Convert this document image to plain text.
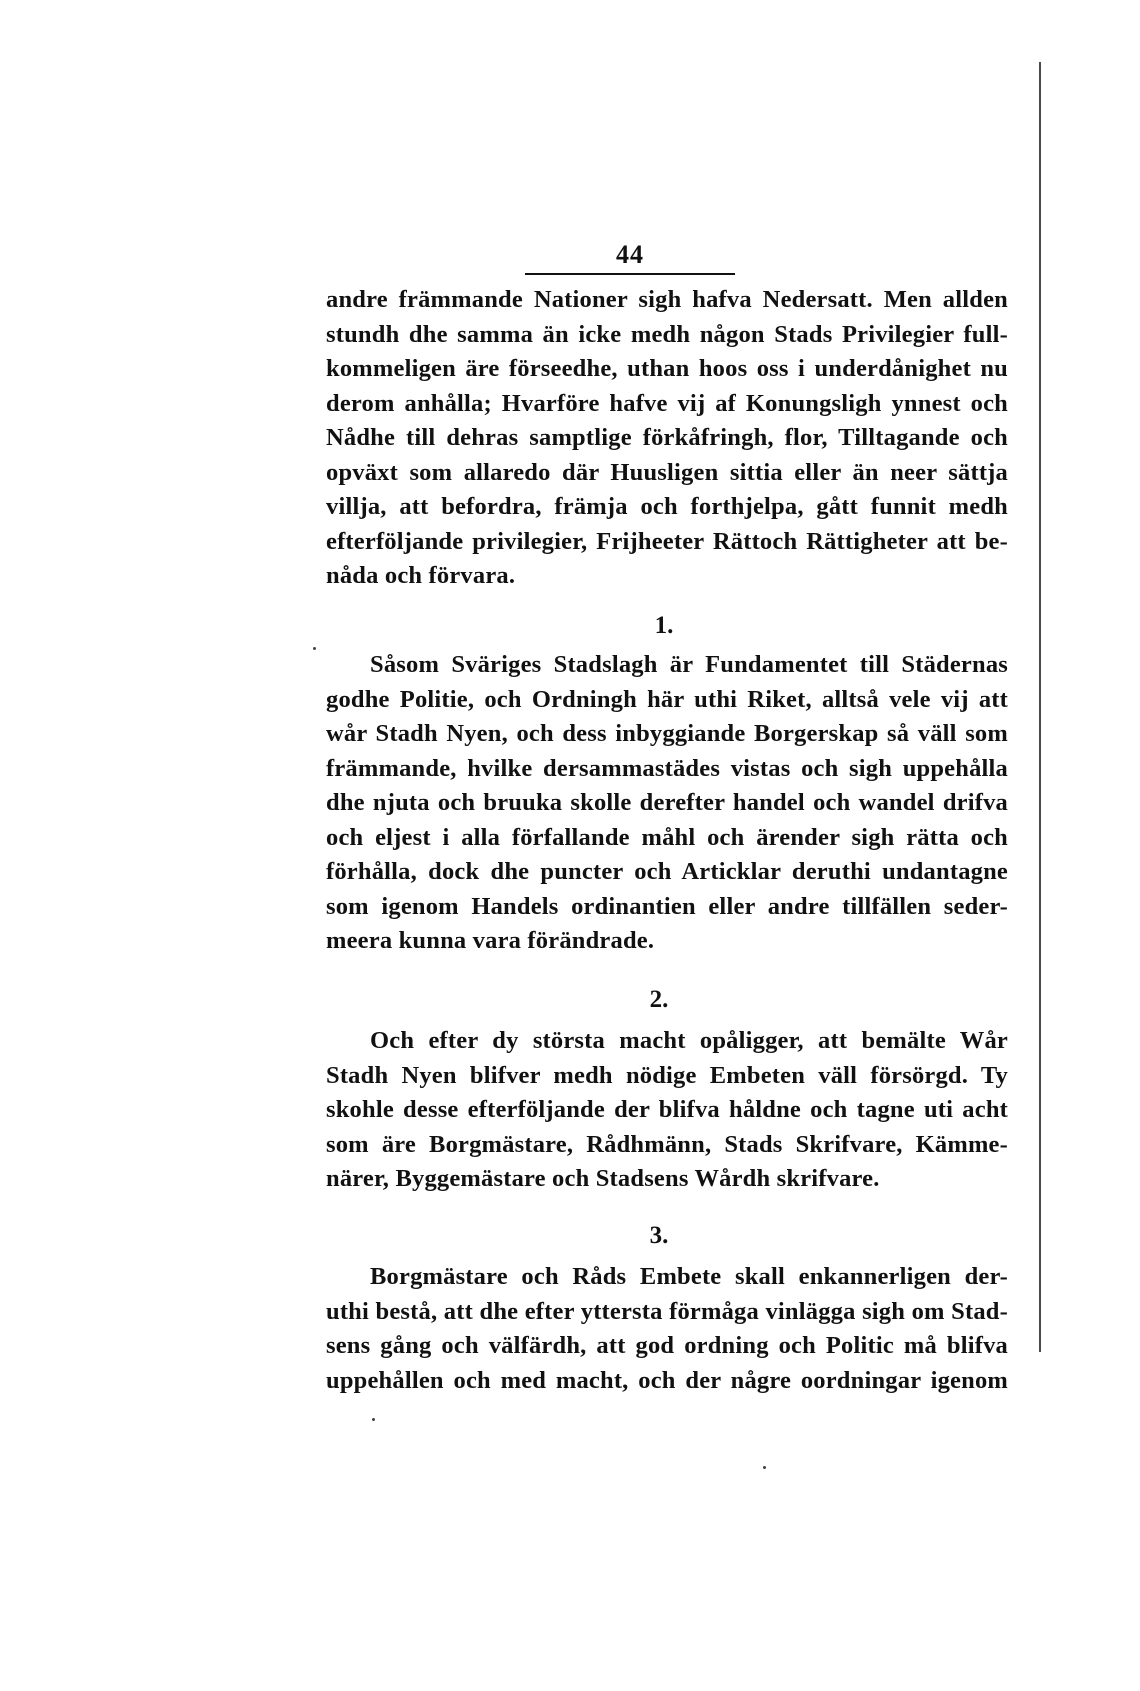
44
andre främmande Nationer sigh hafva Nedersatt. Men allden
stundh dhe samma än icke medh någon Stads Privilegier full-
kommeligen äre förseedhe, uthan hoos oss i underdånighet nu
derom anhålla; Hvarföre hafve vij af Konungsligh ynnest och
Nådhe till dehras samptlige förkåfringh, flor, Tilltagande och
opväxt som allaredo där Huusligen sittia eller än neer sättja
villja, att befordra, främja och forthjelpa, gått funnit medh
efterföljande privilegier, Frijheeter Rättoch Rättigheter att be-
nåda och förvara.
1.
Såsom Sväriges Stadslagh är Fundamentet till Städernas
godhe Politie, och Ordningh här uthi Riket, alltså vele vij att
wår Stadh Nyen, och dess inbyggiande Borgerskap så väll som
främmande, hvilke dersammastädes vistas och sigh uppehålla
dhe njuta och bruuka skolle derefter handel och wandel drifva
och eljest i alla förfallande måhl och ärender sigh rätta och
förhålla, dock dhe puncter och Articklar deruthi undantagne
som igenom Handels ordinantien eller andre tillfällen seder-
meera kunna vara förändrade.
2.
Och efter dy största macht opåligger, att bemälte Wår
Stadh Nyen blifver medh nödige Embeten väll försörgd. Ty
skohle desse efterföljande der blifva håldne och tagne uti acht
som äre Borgmästare, Rådhmänn, Stads Skrifvare, Kämme-
närer, Byggemästare och Stadsens Wårdh skrifvare.
3.
Borgmästare och Råds Embete skall enkannerligen der-
uthi bestå, att dhe efter yttersta förmåga vinlägga sigh om Stad-
sens gång och välfärdh, att god ordning och Politic må blifva
uppehållen och med macht, och der någre oordningar igenom
